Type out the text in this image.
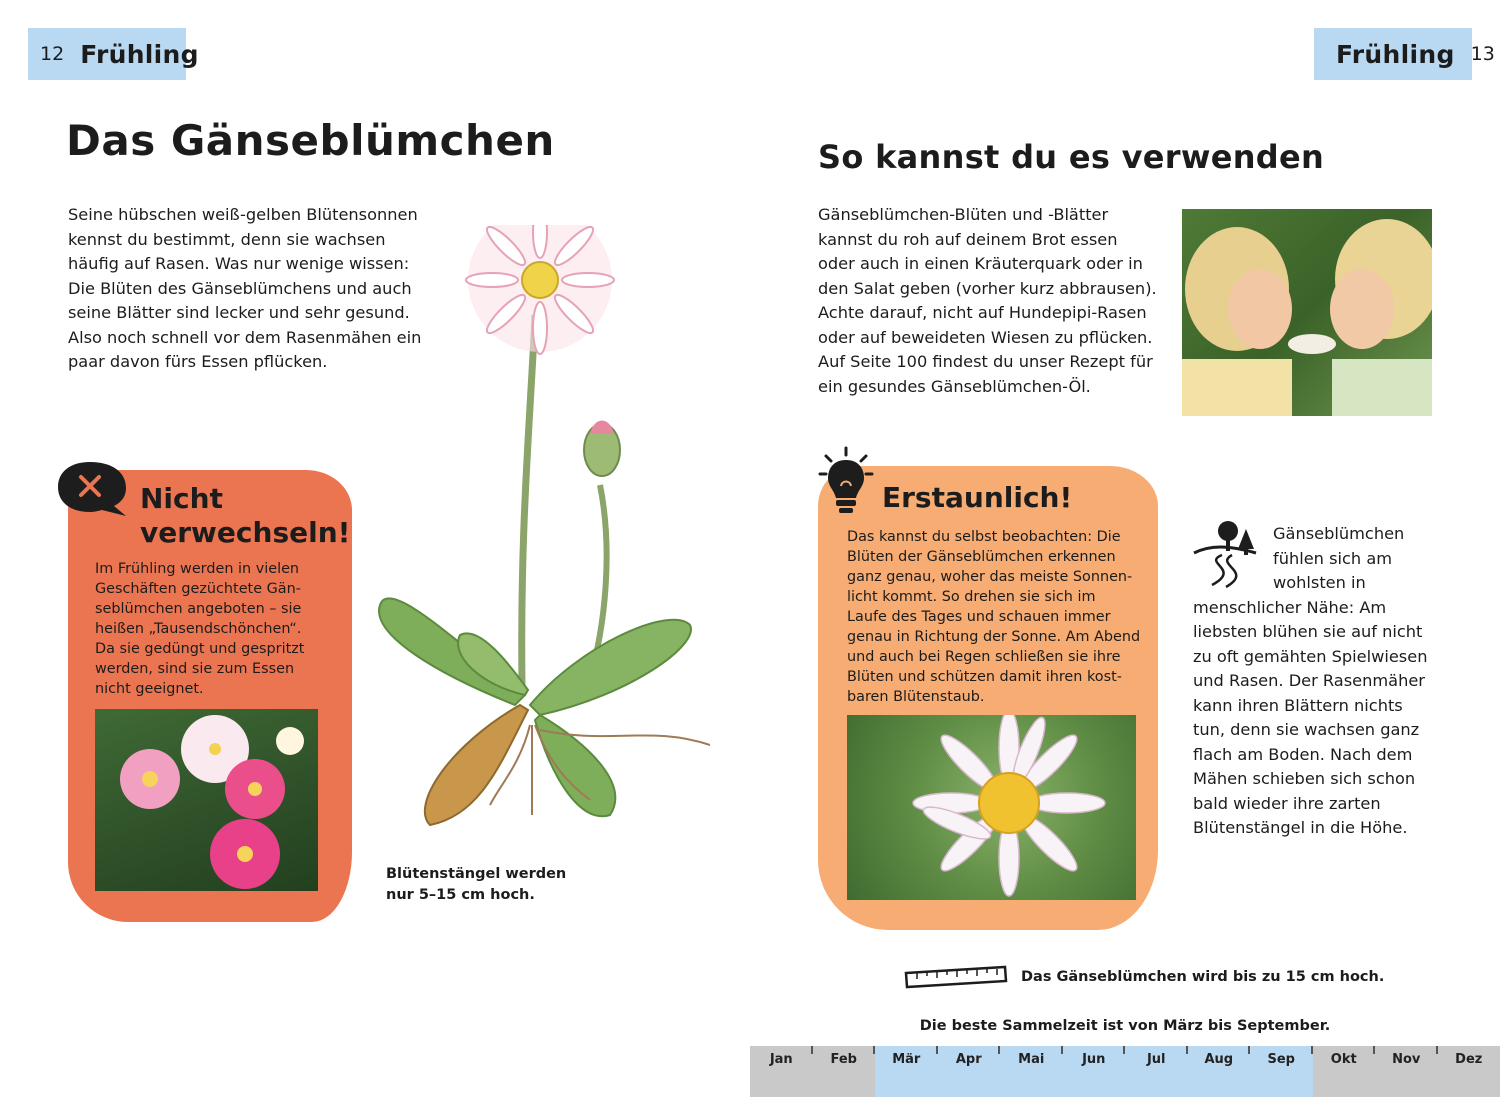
12 Frühling	Frühling 13
Das Gänseblümchen
Seine hübschen weiß-gelben Blütensonnen
kennst du bestimmt, denn sie wachsen
häufig auf Rasen. Was nur wenige wissen:
Die Blüten des Gänseblümchens und auch
seine Blätter sind lecker und sehr gesund.
Also noch schnell vor dem Rasenmähen ein
paar davon fürs Essen pflücken.
Blütenstängel werden
nur 5–15 cm hoch.
Nicht
verwechseln!
Im Frühling werden in vielen
Geschäften gezüchtete Gän-
seblümchen angeboten – sie
heißen „Tausendschönchen“.
Da sie gedüngt und gespritzt
werden, sind sie zum Essen
nicht geeignet.
So kannst du es verwenden
Gänseblümchen-Blüten und -Blätter
kannst du roh auf deinem Brot essen
oder auch in einen Kräuterquark oder in
den Salat geben (vorher kurz abbrausen).
Achte darauf, nicht auf Hundepipi-Rasen
oder auf beweideten Wiesen zu pflücken.
Auf Seite 100 findest du unser Rezept für
ein gesundes Gänseblümchen-Öl.
Erstaunlich!
Das kannst du selbst beobachten: Die
Blüten der Gänseblümchen erkennen
ganz genau, woher das meiste Sonnen-
licht kommt. So drehen sie sich im
Laufe des Tages und schauen immer
genau in Richtung der Sonne. Am Abend
und auch bei Regen schließen sie ihre
Blüten und schützen damit ihren kost-
baren Blütenstaub.
Gänseblümchen
fühlen sich am
wohlsten in
menschlicher Nähe: Am
liebsten blühen sie auf nicht
zu oft gemähten Spielwiesen
und Rasen. Der Rasenmäher
kann ihren Blättern nichts
tun, denn sie wachsen ganz
flach am Boden. Nach dem
Mähen schieben sich schon
bald wieder ihre zarten
Blütenstängel in die Höhe.
Das Gänseblümchen wird bis zu 15 cm hoch.
Die beste Sammelzeit ist von März bis September.
Jan	Feb	Mär	Apr	Mai	Jun	Jul	Aug	Sep	Okt	Nov	Dez
